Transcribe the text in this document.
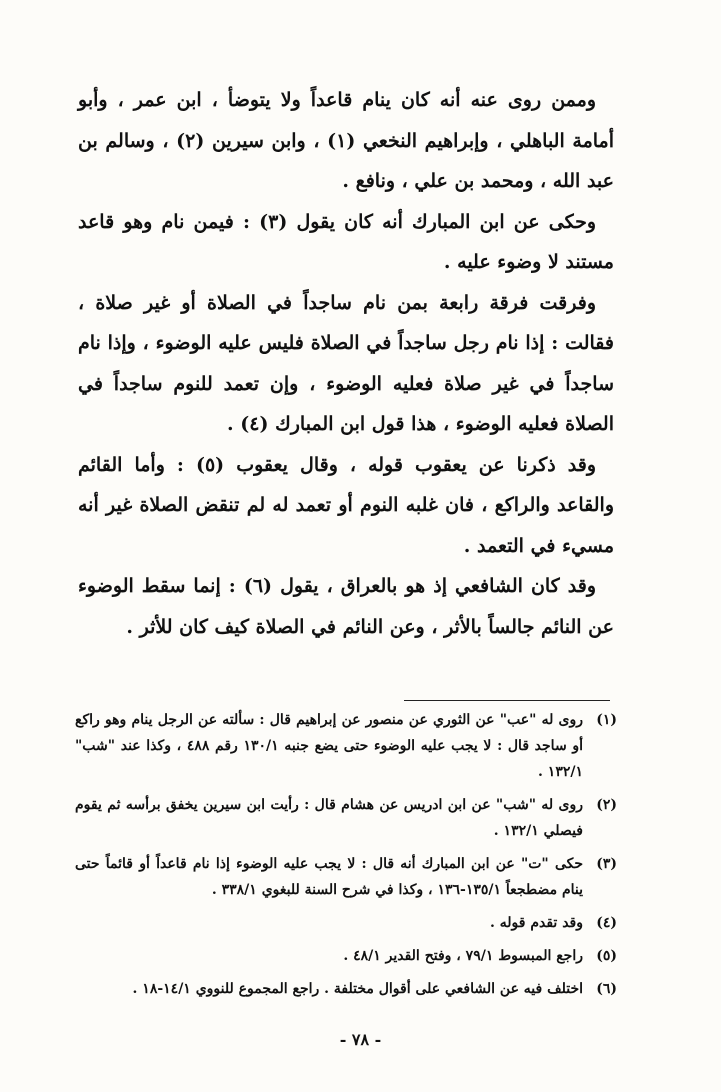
وممن روى عنه أنه كان ينام قاعداً ولا يتوضأ ، ابن عمر ، وأبو أمامة الباهلي ، وإبراهيم النخعي (١) ، وابن سيرين (٢) ، وسالم بن عبد الله ، ومحمد بن علي ، ونافع .

وحكى عن ابن المبارك أنه كان يقول (٣) : فيمن نام وهو قاعد مستند لا وضوء عليه .

وفرقت فرقة رابعة بمن نام ساجداً في الصلاة أو غير صلاة ، فقالت : إذا نام رجل ساجداً في الصلاة فليس عليه الوضوء ، وإذا نام ساجداً في غير صلاة فعليه الوضوء ، وإن تعمد للنوم ساجداً في الصلاة فعليه الوضوء ، هذا قول ابن المبارك (٤) .

وقد ذكرنا عن يعقوب قوله ، وقال يعقوب (٥) : وأما القائم والقاعد والراكع ، فان غلبه النوم أو تعمد له لم تنقض الصلاة غير أنه مسيء في التعمد .

وقد كان الشافعي إذ هو بالعراق ، يقول (٦) : إنما سقط الوضوء عن النائم جالساً بالأثر ، وعن النائم في الصلاة كيف كان للأثر .

(١)
روى له "عب" عن الثوري عن منصور عن إبراهيم قال : سألته عن الرجل ينام وهو راكع أو ساجد قال : لا يجب عليه الوضوء حتى يضع جنبه ١٣٠/١ رقم ٤٨٨ ، وكذا عند "شب" ١٣٢/١ .
(٢)
روى له "شب" عن ابن ادريس عن هشام قال : رأيت ابن سيرين يخفق برأسه ثم يقوم فيصلي ١٣٢/١ .
(٣)
حكى "ت" عن ابن المبارك أنه قال : لا يجب عليه الوضوء إذا نام قاعداً أو قائماً حتى ينام مضطجعاً ١٣٥/١-١٣٦ ، وكذا في شرح السنة للبغوي ٣٣٨/١ .
(٤)
وقد تقدم قوله .
(٥)
راجع المبسوط ٧٩/١ ، وفتح القدير ٤٨/١ .
(٦)
اختلف فيه عن الشافعي على أقوال مختلفة . راجع المجموع للنووي ١٤/١-١٨ .
- ٧٨ -
